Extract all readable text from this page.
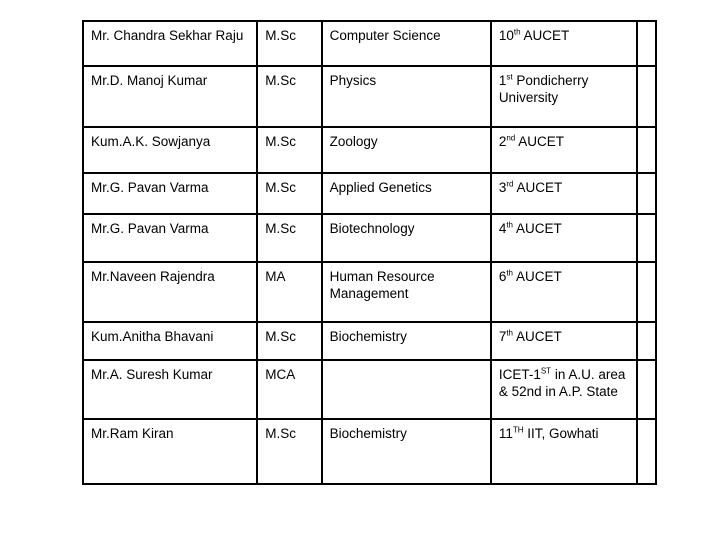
Mr. Chandra Sekhar Raju	M.Sc	Computer Science	10th AUCET

Mr.D. Manoj Kumar	M.Sc	Physics	1st Pondicherry
University	
Kum.A.K. Sowjanya	M.Sc	Zoology	2nd AUCET

Mr.G. Pavan Varma	M.Sc	Applied Genetics	3rd AUCET

Mr.G. Pavan Varma	M.Sc	Biotechnology	4th AUCET

Mr.Naveen Rajendra	MA	Human Resource Management	6th AUCET

Kum.Anitha Bhavani	M.Sc	Biochemistry	7th AUCET

Mr.A. Suresh Kumar	MCA		ICET-1ST in A.U. area
& 52nd in A.P. State	
Mr.Ram Kiran	M.Sc	Biochemistry	11TH IIT, Gowhati
